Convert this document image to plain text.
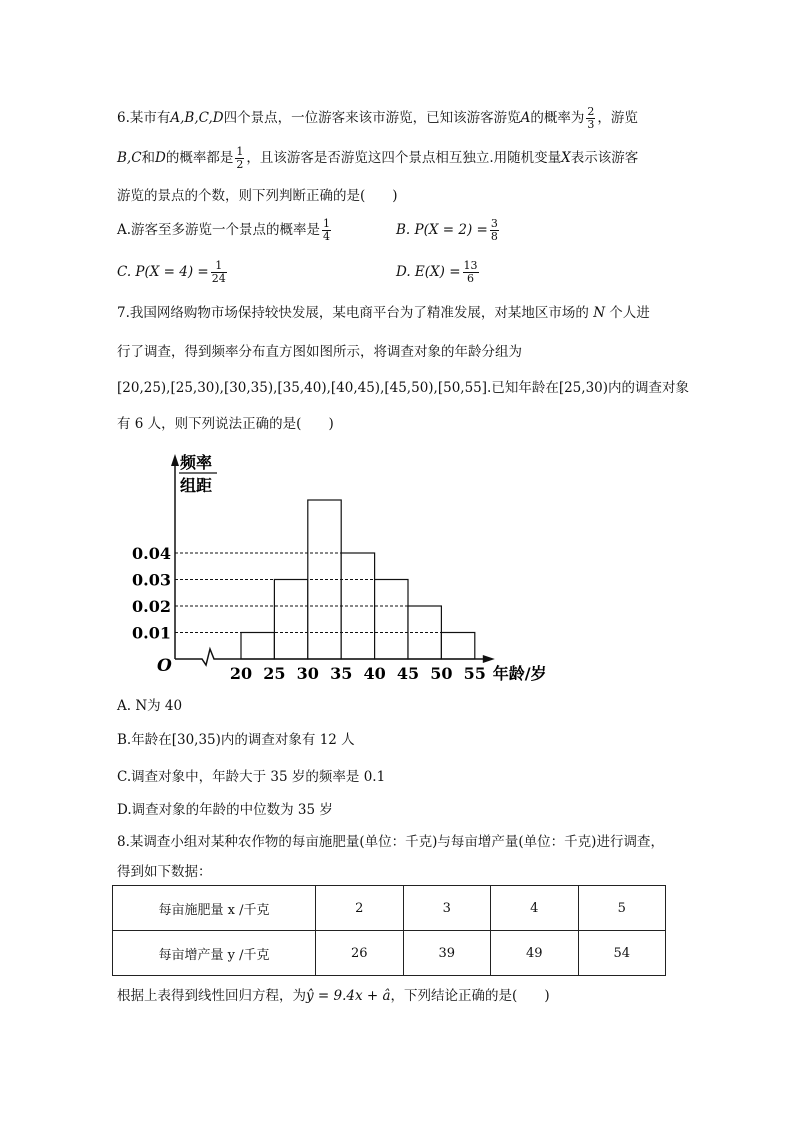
6.某市有A,B,C,D四个景点，一位游客来该市游览，已知该游客游览A的概率为 $\frac{2}{3}$ ，游览
B,C和D的概率都是 $\frac{1}{2}$ ，且该游客是否游览这四个景点相互独立.用随机变量X表示该游客
游览的景点的个数，则下列判断正确的是(　　)
A.游客至多游览一个景点的概率是 $\frac{1}{4}$	B. $P(X = 2) = \frac{3}{8}$
C. $P(X = 4) = \frac{1}{24}$	D. $E(X) = \frac{13}{6}$
7.我国网络购物市场保持较快发展，某电商平台为了精准发展，对某地区市场的 N 个人进
行了调查，得到频率分布直方图如图所示，将调查对象的年龄分组为
[20,25),[25,30),[30,35),[35,40),[40,45),[45,50),[50,55].已知年龄在[25,30)内的调查对象
有 6 人，则下列说法正确的是(　　)
0.01
0.02
0.03
0.04
O	20 25 30 35 40 45 50 55 年龄/岁
频率
组距
A. N为 40
B.年龄在[30,35)内的调查对象有 12 人
C.调查对象中，年龄大于 35 岁的频率是 0.1
D.调查对象的年龄的中位数为 35 岁
8.某调查小组对某种农作物的每亩施肥量(单位：千克)与每亩增产量(单位：千克)进行调查，
得到如下数据：
每亩施肥量 x /千克	2	3	4	5
每亩增产量 y /千克	26	39	49	54
根据上表得到线性回归方程，为ŷ = 9.4x + â，下列结论正确的是(　　)
